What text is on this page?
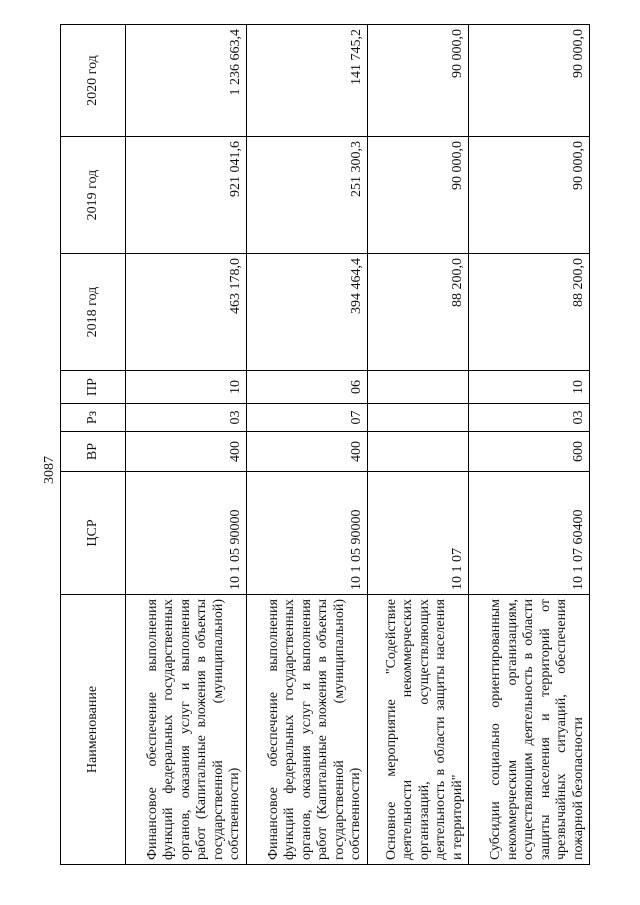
3087
Наименование	ЦСР	ВР	Рз	ПР	2018 год	2019 год	2020 год
Финансовое обеспечение выполнения функций федеральных государственных органов, оказания услуг и выполнения работ (Капитальные вложения в объекты государственной (муниципальной) собственности)	10 1 05 90000	400	03	10	463 178,0	921 041,6	1 236 663,4
Финансовое обеспечение выполнения функций федеральных государственных органов, оказания услуг и выполнения работ (Капитальные вложения в объекты государственной (муниципальной) собственности)	10 1 05 90000	400	07	06	394 464,4	251 300,3	141 745,2
Основное мероприятие "Содействие деятельности некоммерческих организаций, осуществляющих деятельность в области защиты населения и территорий"	10 1 07				88 200,0	90 000,0	90 000,0
Субсидии социально ориентированным некоммерческим организациям, осуществляющим деятельность в области защиты населения и территорий от чрезвычайных ситуаций, обеспечения пожарной безопасности	10 1 07 60400	600	03	10	88 200,0	90 000,0	90 000,0
